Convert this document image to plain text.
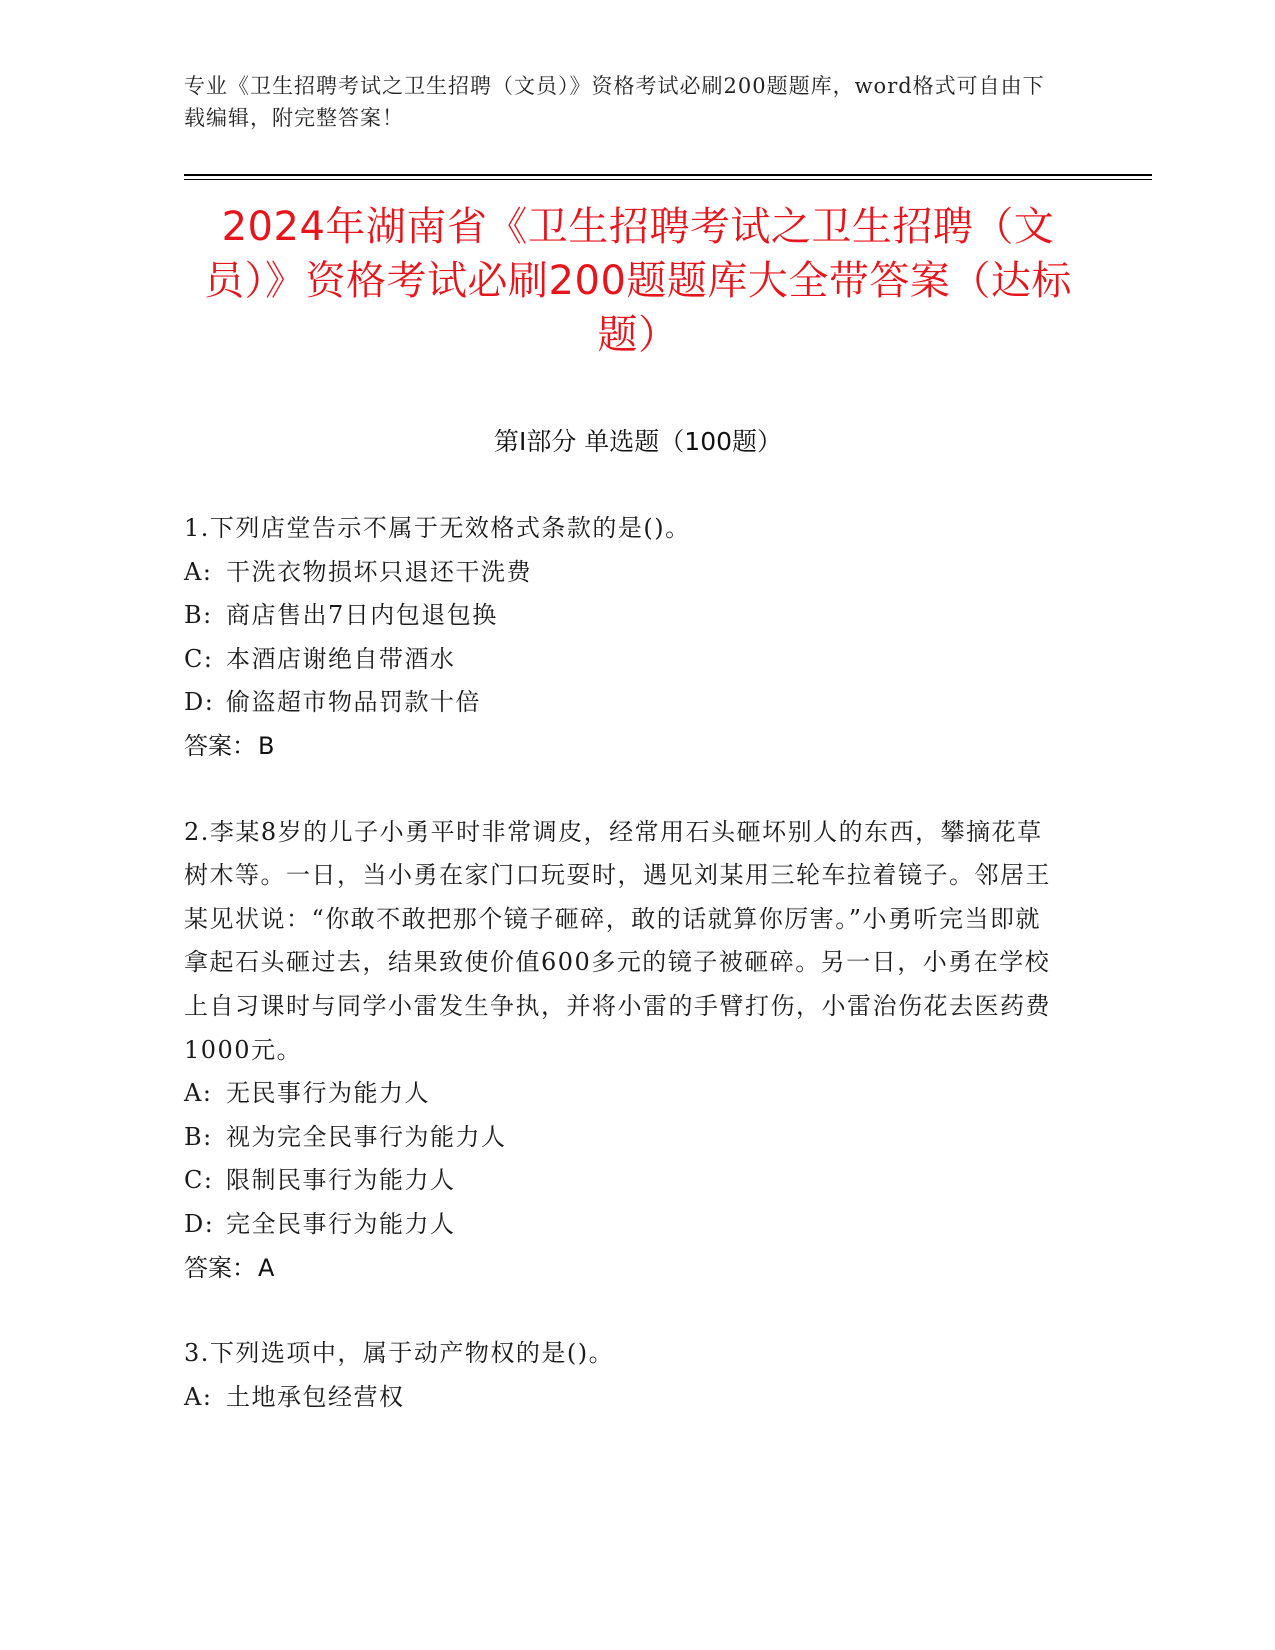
专业《卫生招聘考试之卫生招聘（文员）》资格考试必刷200题题库，word格式可自由下载编辑，附完整答案！
2024年湖南省《卫生招聘考试之卫生招聘（文员）》资格考试必刷200题题库大全带答案（达标题）
第Ⅰ部分 单选题（100题）

1.下列店堂告示不属于无效格式条款的是()。

A: 干洗衣物损坏只退还干洗费

B: 商店售出7日内包退包换

C: 本酒店谢绝自带酒水

D: 偷盗超市物品罚款十倍

答案：B

2.李某8岁的儿子小勇平时非常调皮，经常用石头砸坏别人的东西，攀摘花草树木等。一日，当小勇在家门口玩耍时，遇见刘某用三轮车拉着镜子。邻居王某见状说：“你敢不敢把那个镜子砸碎，敢的话就算你厉害。”小勇听完当即就拿起石头砸过去，结果致使价值600多元的镜子被砸碎。另一日，小勇在学校上自习课时与同学小雷发生争执，并将小雷的手臂打伤，小雷治伤花去医药费1000元。

A: 无民事行为能力人

B: 视为完全民事行为能力人

C: 限制民事行为能力人

D: 完全民事行为能力人

答案：A

3.下列选项中，属于动产物权的是()。

A: 土地承包经营权
